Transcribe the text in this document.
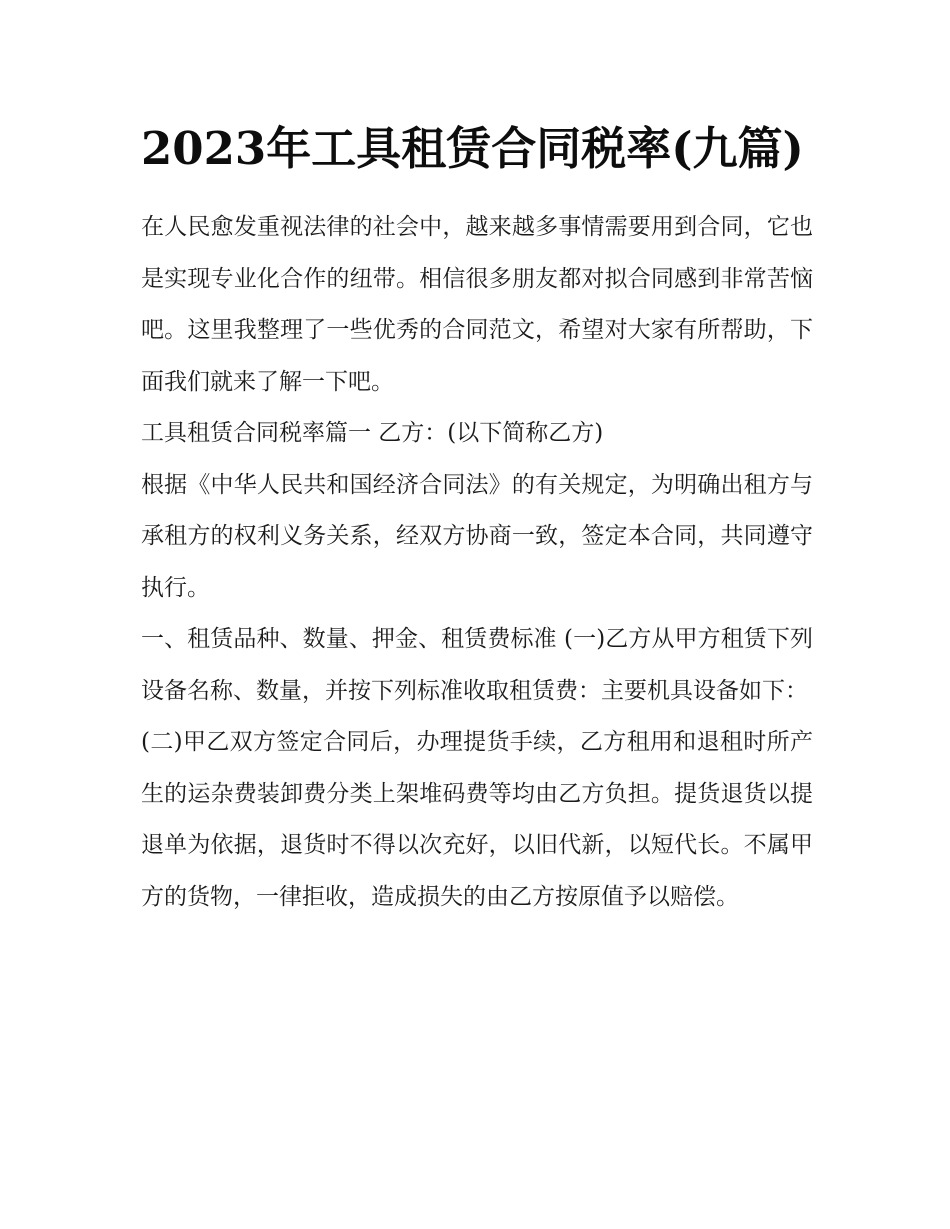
2023年工具租赁合同税率(九篇)

在人民愈发重视法律的社会中，越来越多事情需要用到合同，它也是实现专业化合作的纽带。相信很多朋友都对拟合同感到非常苦恼吧。这里我整理了一些优秀的合同范文，希望对大家有所帮助，下面我们就来了解一下吧。

工具租赁合同税率篇一 乙方：(以下简称乙方)

根据《中华人民共和国经济合同法》的有关规定，为明确出租方与承租方的权利义务关系，经双方协商一致，签定本合同，共同遵守执行。

一、租赁品种、数量、押金、租赁费标准 (一)乙方从甲方租赁下列设备名称、数量，并按下列标准收取租赁费：主要机具设备如下：

(二)甲乙双方签定合同后，办理提货手续，乙方租用和退租时所产生的运杂费装卸费分类上架堆码费等均由乙方负担。提货退货以提退单为依据，退货时不得以次充好，以旧代新，以短代长。不属甲方的货物，一律拒收，造成损失的由乙方按原值予以赔偿。
